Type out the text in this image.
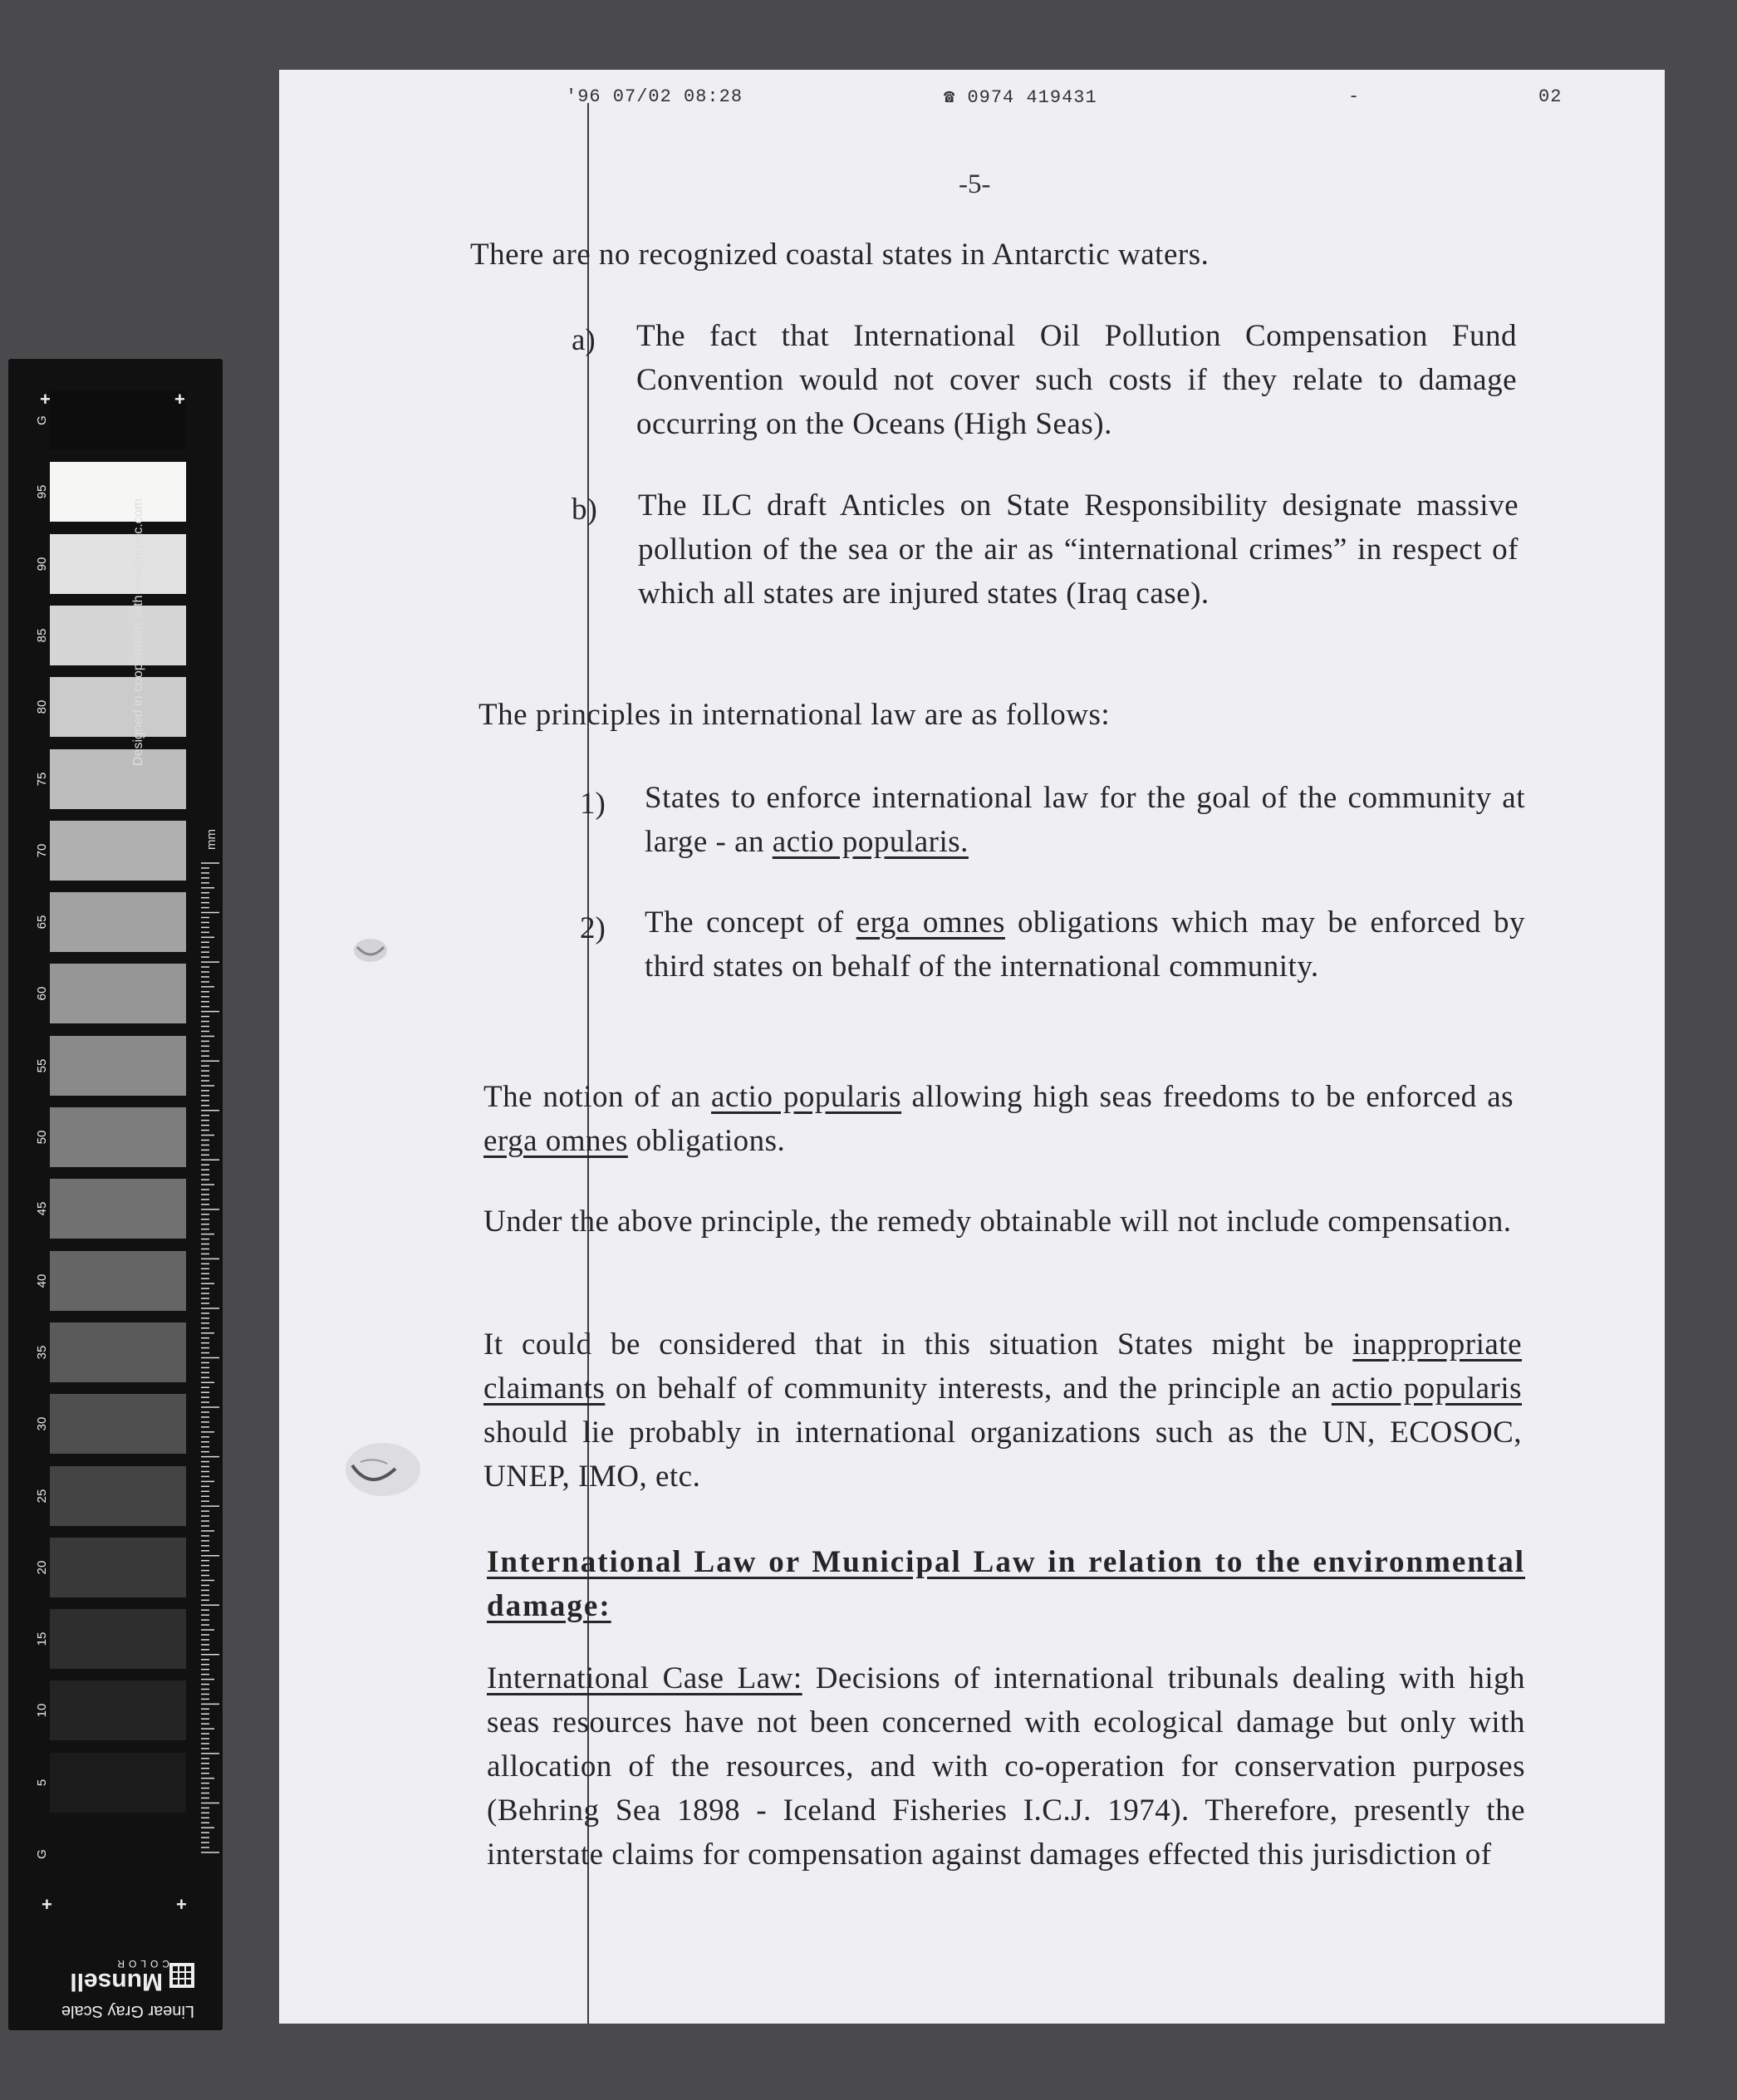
G
95
90
85
80
75
70
65
60
55
50
45
40
35
30
25
20
15
10
5
G
+	+
+	+
Designed in cooperation with imagingetc.com
mm
Linear Gray Scale
Munsell
COLOR
'96 07/02 08:28	☎ 0974 419431	-	02
-5-

There are no recognized coastal states in Antarctic waters.

a) The fact that International Oil Pollution Compensation Fund Convention would not cover such costs if they relate to damage occurring on the Oceans (High Seas).

b) The ILC draft Anticles on State Responsibility designate massive pollution of the sea or the air as “international crimes” in respect of which all states are injured states (Iraq case).

The principles in international law are as follows:

1) States to enforce international law for the goal of the community at large - an actio popularis.

2) The concept of erga omnes obligations which may be enforced by third states on behalf of the international community.

The notion of an actio popularis allowing high seas freedoms to be enforced as erga omnes obligations.

Under the above principle, the remedy obtainable will not include compensation.

It could be considered that in this situation States might be inappropriate claimants on behalf of community interests, and the principle an actio popularis should lie probably in international organizations such as the UN, ECOSOC, UNEP, IMO, etc.

International Law or Municipal Law in relation to the environmental damage:

International Case Law: Decisions of international tribunals dealing with high seas resources have not been concerned with ecological damage but only with allocation of the resources, and with co-operation for conservation purposes (Behring Sea 1898 - Iceland Fisheries I.C.J. 1974). Therefore, presently the interstate claims for compensation against damages effected this jurisdiction of
